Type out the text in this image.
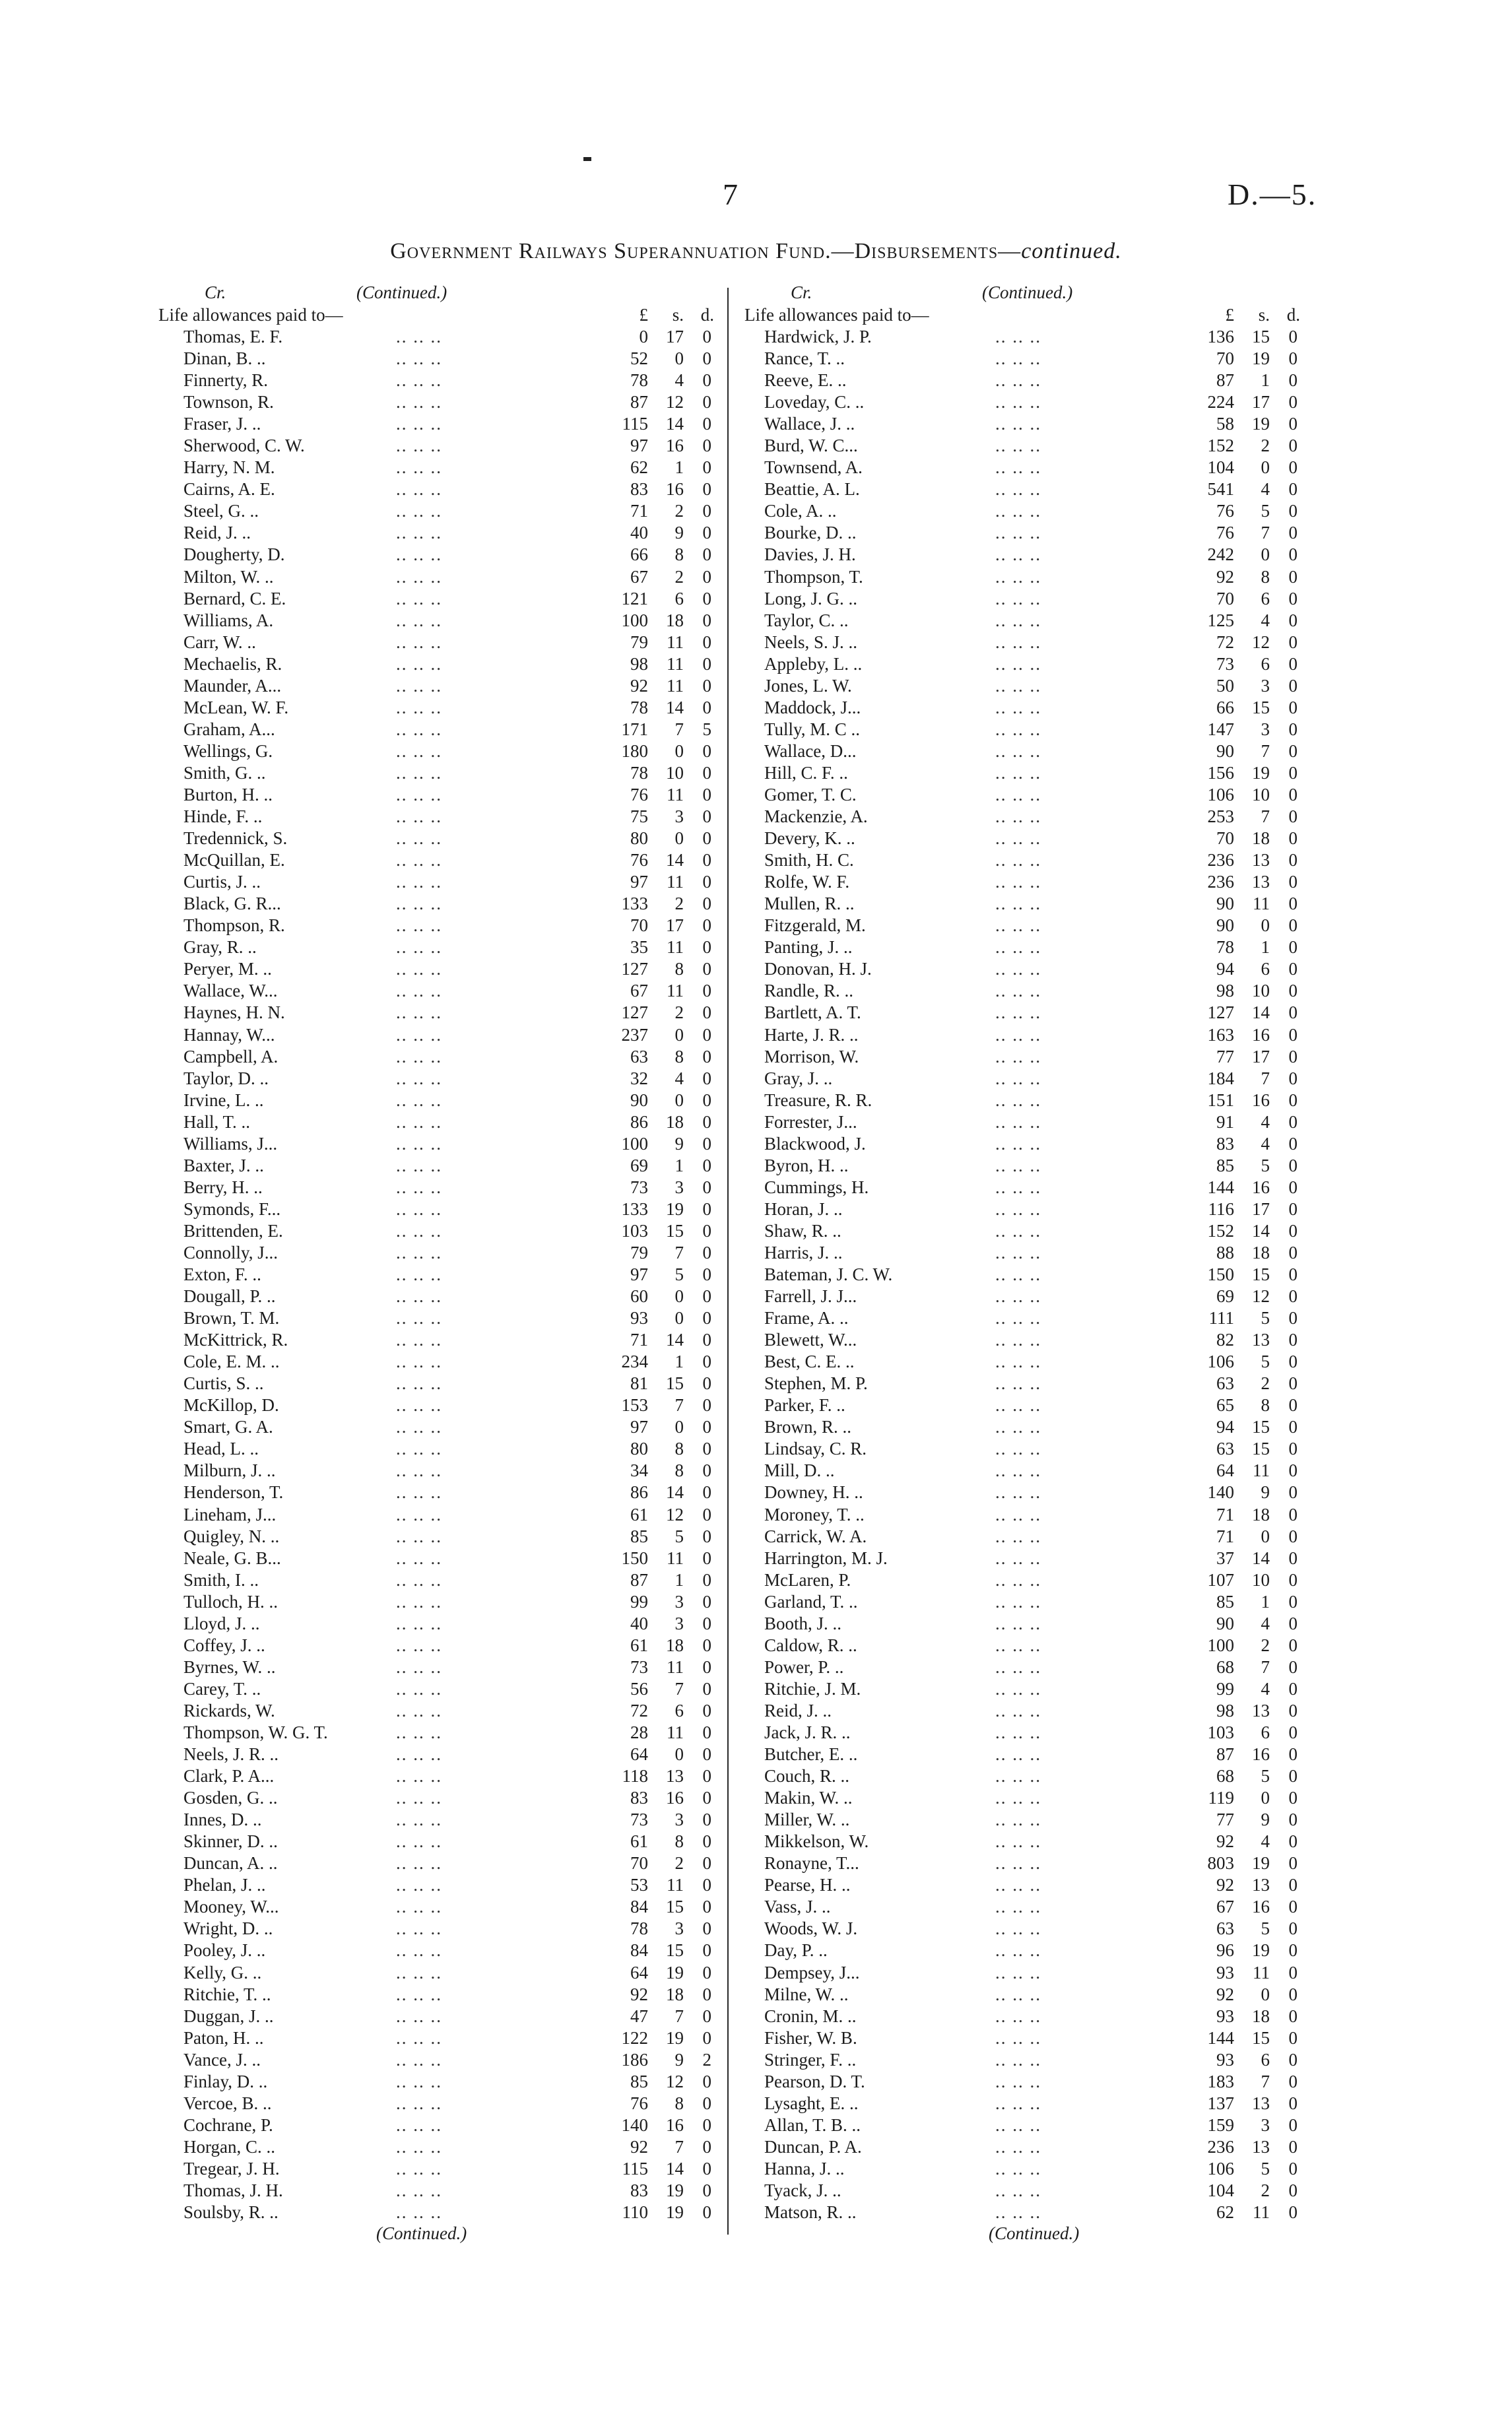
7	D.—5.
Government Railways Superannuation Fund.—Disbursements—continued.
Cr.	(Continued.)
Life allowances paid to—	£	s. d.
Thomas, E. F.	.. .. ..	0	17	0
Dinan, B. ..	.. .. ..	52	0	0
Finnerty, R.	.. .. ..	78	4	0
Townson, R.	.. .. ..	87	12	0
Fraser, J. ..	.. .. ..	115	14	0
Sherwood, C. W.	.. .. ..	97	16	0
Harry, N. M.	.. .. ..	62	1	0
Cairns, A. E.	.. .. ..	83	16	0
Steel, G. ..	.. .. ..	71	2	0
Reid, J. ..	.. .. ..	40	9	0
Dougherty, D.	.. .. ..	66	8	0
Milton, W. ..	.. .. ..	67	2	0
Bernard, C. E.	.. .. ..	121	6	0
Williams, A.	.. .. ..	100	18	0
Carr, W. ..	.. .. ..	79	11	0
Mechaelis, R.	.. .. ..	98	11	0
Maunder, A...	.. .. ..	92	11	0
McLean, W. F.	.. .. ..	78	14	0
Graham, A...	.. .. ..	171	7	5
Wellings, G.	.. .. ..	180	0	0
Smith, G. ..	.. .. ..	78	10	0
Burton, H. ..	.. .. ..	76	11	0
Hinde, F. ..	.. .. ..	75	3	0
Tredennick, S.	.. .. ..	80	0	0
McQuillan, E.	.. .. ..	76	14	0
Curtis, J. ..	.. .. ..	97	11	0
Black, G. R...	.. .. ..	133	2	0
Thompson, R.	.. .. ..	70	17	0
Gray, R. ..	.. .. ..	35	11	0
Peryer, M. ..	.. .. ..	127	8	0
Wallace, W...	.. .. ..	67	11	0
Haynes, H. N.	.. .. ..	127	2	0
Hannay, W...	.. .. ..	237	0	0
Campbell, A.	.. .. ..	63	8	0
Taylor, D. ..	.. .. ..	32	4	0
Irvine, L. ..	.. .. ..	90	0	0
Hall, T. ..	.. .. ..	86	18	0
Williams, J...	.. .. ..	100	9	0
Baxter, J. ..	.. .. ..	69	1	0
Berry, H. ..	.. .. ..	73	3	0
Symonds, F...	.. .. ..	133	19	0
Brittenden, E.	.. .. ..	103	15	0
Connolly, J...	.. .. ..	79	7	0
Exton, F. ..	.. .. ..	97	5	0
Dougall, P. ..	.. .. ..	60	0	0
Brown, T. M.	.. .. ..	93	0	0
McKittrick, R.	.. .. ..	71	14	0
Cole, E. M. ..	.. .. ..	234	1	0
Curtis, S. ..	.. .. ..	81	15	0
McKillop, D.	.. .. ..	153	7	0
Smart, G. A.	.. .. ..	97	0	0
Head, L. ..	.. .. ..	80	8	0
Milburn, J. ..	.. .. ..	34	8	0
Henderson, T.	.. .. ..	86	14	0
Lineham, J...	.. .. ..	61	12	0
Quigley, N. ..	.. .. ..	85	5	0
Neale, G. B...	.. .. ..	150	11	0
Smith, I. ..	.. .. ..	87	1	0
Tulloch, H. ..	.. .. ..	99	3	0
Lloyd, J. ..	.. .. ..	40	3	0
Coffey, J. ..	.. .. ..	61	18	0
Byrnes, W. ..	.. .. ..	73	11	0
Carey, T. ..	.. .. ..	56	7	0
Rickards, W.	.. .. ..	72	6	0
Thompson, W. G. T.	.. .. ..	28	11	0
Neels, J. R. ..	.. .. ..	64	0	0
Clark, P. A...	.. .. ..	118	13	0
Gosden, G. ..	.. .. ..	83	16	0
Innes, D. ..	.. .. ..	73	3	0
Skinner, D. ..	.. .. ..	61	8	0
Duncan, A. ..	.. .. ..	70	2	0
Phelan, J. ..	.. .. ..	53	11	0
Mooney, W...	.. .. ..	84	15	0
Wright, D. ..	.. .. ..	78	3	0
Pooley, J. ..	.. .. ..	84	15	0
Kelly, G. ..	.. .. ..	64	19	0
Ritchie, T. ..	.. .. ..	92	18	0
Duggan, J. ..	.. .. ..	47	7	0
Paton, H. ..	.. .. ..	122	19	0
Vance, J. ..	.. .. ..	186	9	2
Finlay, D. ..	.. .. ..	85	12	0
Vercoe, B. ..	.. .. ..	76	8	0
Cochrane, P.	.. .. ..	140	16	0
Horgan, C. ..	.. .. ..	92	7	0
Tregear, J. H.	.. .. ..	115	14	0
Thomas, J. H.	.. .. ..	83	19	0
Soulsby, R. ..	.. .. ..	110	19	0
(Continued.)
Cr.	(Continued.)
Life allowances paid to—	£	s. d.
Hardwick, J. P.	.. .. ..	136	15	0
Rance, T. ..	.. .. ..	70	19	0
Reeve, E. ..	.. .. ..	87	1	0
Loveday, C. ..	.. .. ..	224	17	0
Wallace, J. ..	.. .. ..	58	19	0
Burd, W. C...	.. .. ..	152	2	0
Townsend, A.	.. .. ..	104	0	0
Beattie, A. L.	.. .. ..	541	4	0
Cole, A. ..	.. .. ..	76	5	0
Bourke, D. ..	.. .. ..	76	7	0
Davies, J. H.	.. .. ..	242	0	0
Thompson, T.	.. .. ..	92	8	0
Long, J. G. ..	.. .. ..	70	6	0
Taylor, C. ..	.. .. ..	125	4	0
Neels, S. J. ..	.. .. ..	72	12	0
Appleby, L. ..	.. .. ..	73	6	0
Jones, L. W.	.. .. ..	50	3	0
Maddock, J...	.. .. ..	66	15	0
Tully, M. C ..	.. .. ..	147	3	0
Wallace, D...	.. .. ..	90	7	0
Hill, C. F. ..	.. .. ..	156	19	0
Gomer, T. C.	.. .. ..	106	10	0
Mackenzie, A.	.. .. ..	253	7	0
Devery, K. ..	.. .. ..	70	18	0
Smith, H. C.	.. .. ..	236	13	0
Rolfe, W. F.	.. .. ..	236	13	0
Mullen, R. ..	.. .. ..	90	11	0
Fitzgerald, M.	.. .. ..	90	0	0
Panting, J. ..	.. .. ..	78	1	0
Donovan, H. J.	.. .. ..	94	6	0
Randle, R. ..	.. .. ..	98	10	0
Bartlett, A. T.	.. .. ..	127	14	0
Harte, J. R. ..	.. .. ..	163	16	0
Morrison, W.	.. .. ..	77	17	0
Gray, J. ..	.. .. ..	184	7	0
Treasure, R. R.	.. .. ..	151	16	0
Forrester, J...	.. .. ..	91	4	0
Blackwood, J.	.. .. ..	83	4	0
Byron, H. ..	.. .. ..	85	5	0
Cummings, H.	.. .. ..	144	16	0
Horan, J. ..	.. .. ..	116	17	0
Shaw, R. ..	.. .. ..	152	14	0
Harris, J. ..	.. .. ..	88	18	0
Bateman, J. C. W.	.. .. ..	150	15	0
Farrell, J. J...	.. .. ..	69	12	0
Frame, A. ..	.. .. ..	111	5	0
Blewett, W...	.. .. ..	82	13	0
Best, C. E. ..	.. .. ..	106	5	0
Stephen, M. P.	.. .. ..	63	2	0
Parker, F. ..	.. .. ..	65	8	0
Brown, R. ..	.. .. ..	94	15	0
Lindsay, C. R.	.. .. ..	63	15	0
Mill, D. ..	.. .. ..	64	11	0
Downey, H. ..	.. .. ..	140	9	0
Moroney, T. ..	.. .. ..	71	18	0
Carrick, W. A.	.. .. ..	71	0	0
Harrington, M. J.	.. .. ..	37	14	0
McLaren, P.	.. .. ..	107	10	0
Garland, T. ..	.. .. ..	85	1	0
Booth, J. ..	.. .. ..	90	4	0
Caldow, R. ..	.. .. ..	100	2	0
Power, P. ..	.. .. ..	68	7	0
Ritchie, J. M.	.. .. ..	99	4	0
Reid, J. ..	.. .. ..	98	13	0
Jack, J. R. ..	.. .. ..	103	6	0
Butcher, E. ..	.. .. ..	87	16	0
Couch, R. ..	.. .. ..	68	5	0
Makin, W. ..	.. .. ..	119	0	0
Miller, W. ..	.. .. ..	77	9	0
Mikkelson, W.	.. .. ..	92	4	0
Ronayne, T...	.. .. ..	803	19	0
Pearse, H. ..	.. .. ..	92	13	0
Vass, J. ..	.. .. ..	67	16	0
Woods, W. J.	.. .. ..	63	5	0
Day, P. ..	.. .. ..	96	19	0
Dempsey, J...	.. .. ..	93	11	0
Milne, W. ..	.. .. ..	92	0	0
Cronin, M. ..	.. .. ..	93	18	0
Fisher, W. B.	.. .. ..	144	15	0
Stringer, F. ..	.. .. ..	93	6	0
Pearson, D. T.	.. .. ..	183	7	0
Lysaght, E. ..	.. .. ..	137	13	0
Allan, T. B. ..	.. .. ..	159	3	0
Duncan, P. A.	.. .. ..	236	13	0
Hanna, J. ..	.. .. ..	106	5	0
Tyack, J. ..	.. .. ..	104	2	0
Matson, R. ..	.. .. ..	62	11	0
(Continued.)
